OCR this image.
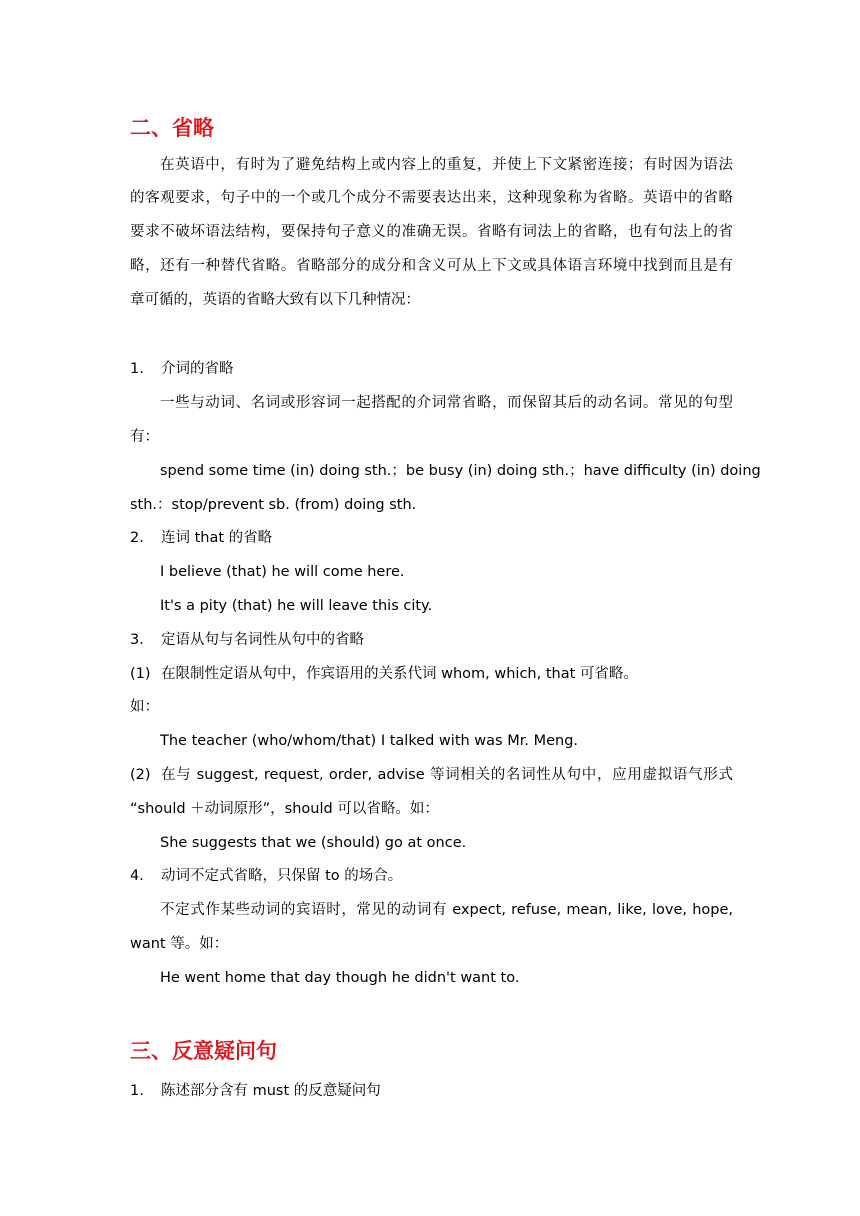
二、省略
在英语中，有时为了避免结构上或内容上的重复，并使上下文紧密连接；有时因为语法
的客观要求，句子中的一个或几个成分不需要表达出来，这种现象称为省略。英语中的省略
要求不破坏语法结构，要保持句子意义的准确无误。省略有词法上的省略，也有句法上的省
略，还有一种替代省略。省略部分的成分和含义可从上下文或具体语言环境中找到而且是有
章可循的，英语的省略大致有以下几种情况：
1. 介词的省略
一些与动词、名词或形容词一起搭配的介词常省略，而保留其后的动名词。常见的句型
有：
spend some time (in) doing sth.；be busy (in) doing sth.；have difficulty (in) doing
sth.：stop/prevent sb. (from) doing sth.
2． 连词 that 的省略
I believe (that) he will come here.
It's a pity (that) he will leave this city.
3． 定语从句与名词性从句中的省略
(1) 在限制性定语从句中，作宾语用的关系代词 whom, which, that 可省略。
如：
The teacher (who/whom/that) I talked with was Mr. Meng.
(2) 在与 suggest, request, order, advise 等词相关的名词性从句中，应用虚拟语气形式
“should ＋动词原形”，should 可以省略。如：
She suggests that we (should) go at once.
4． 动词不定式省略，只保留 to 的场合。
不定式作某些动词的宾语时，常见的动词有 expect, refuse, mean, like, love, hope,
want 等。如：
He went home that day though he didn't want to.
三、反意疑问句
1. 陈述部分含有 must 的反意疑问句
